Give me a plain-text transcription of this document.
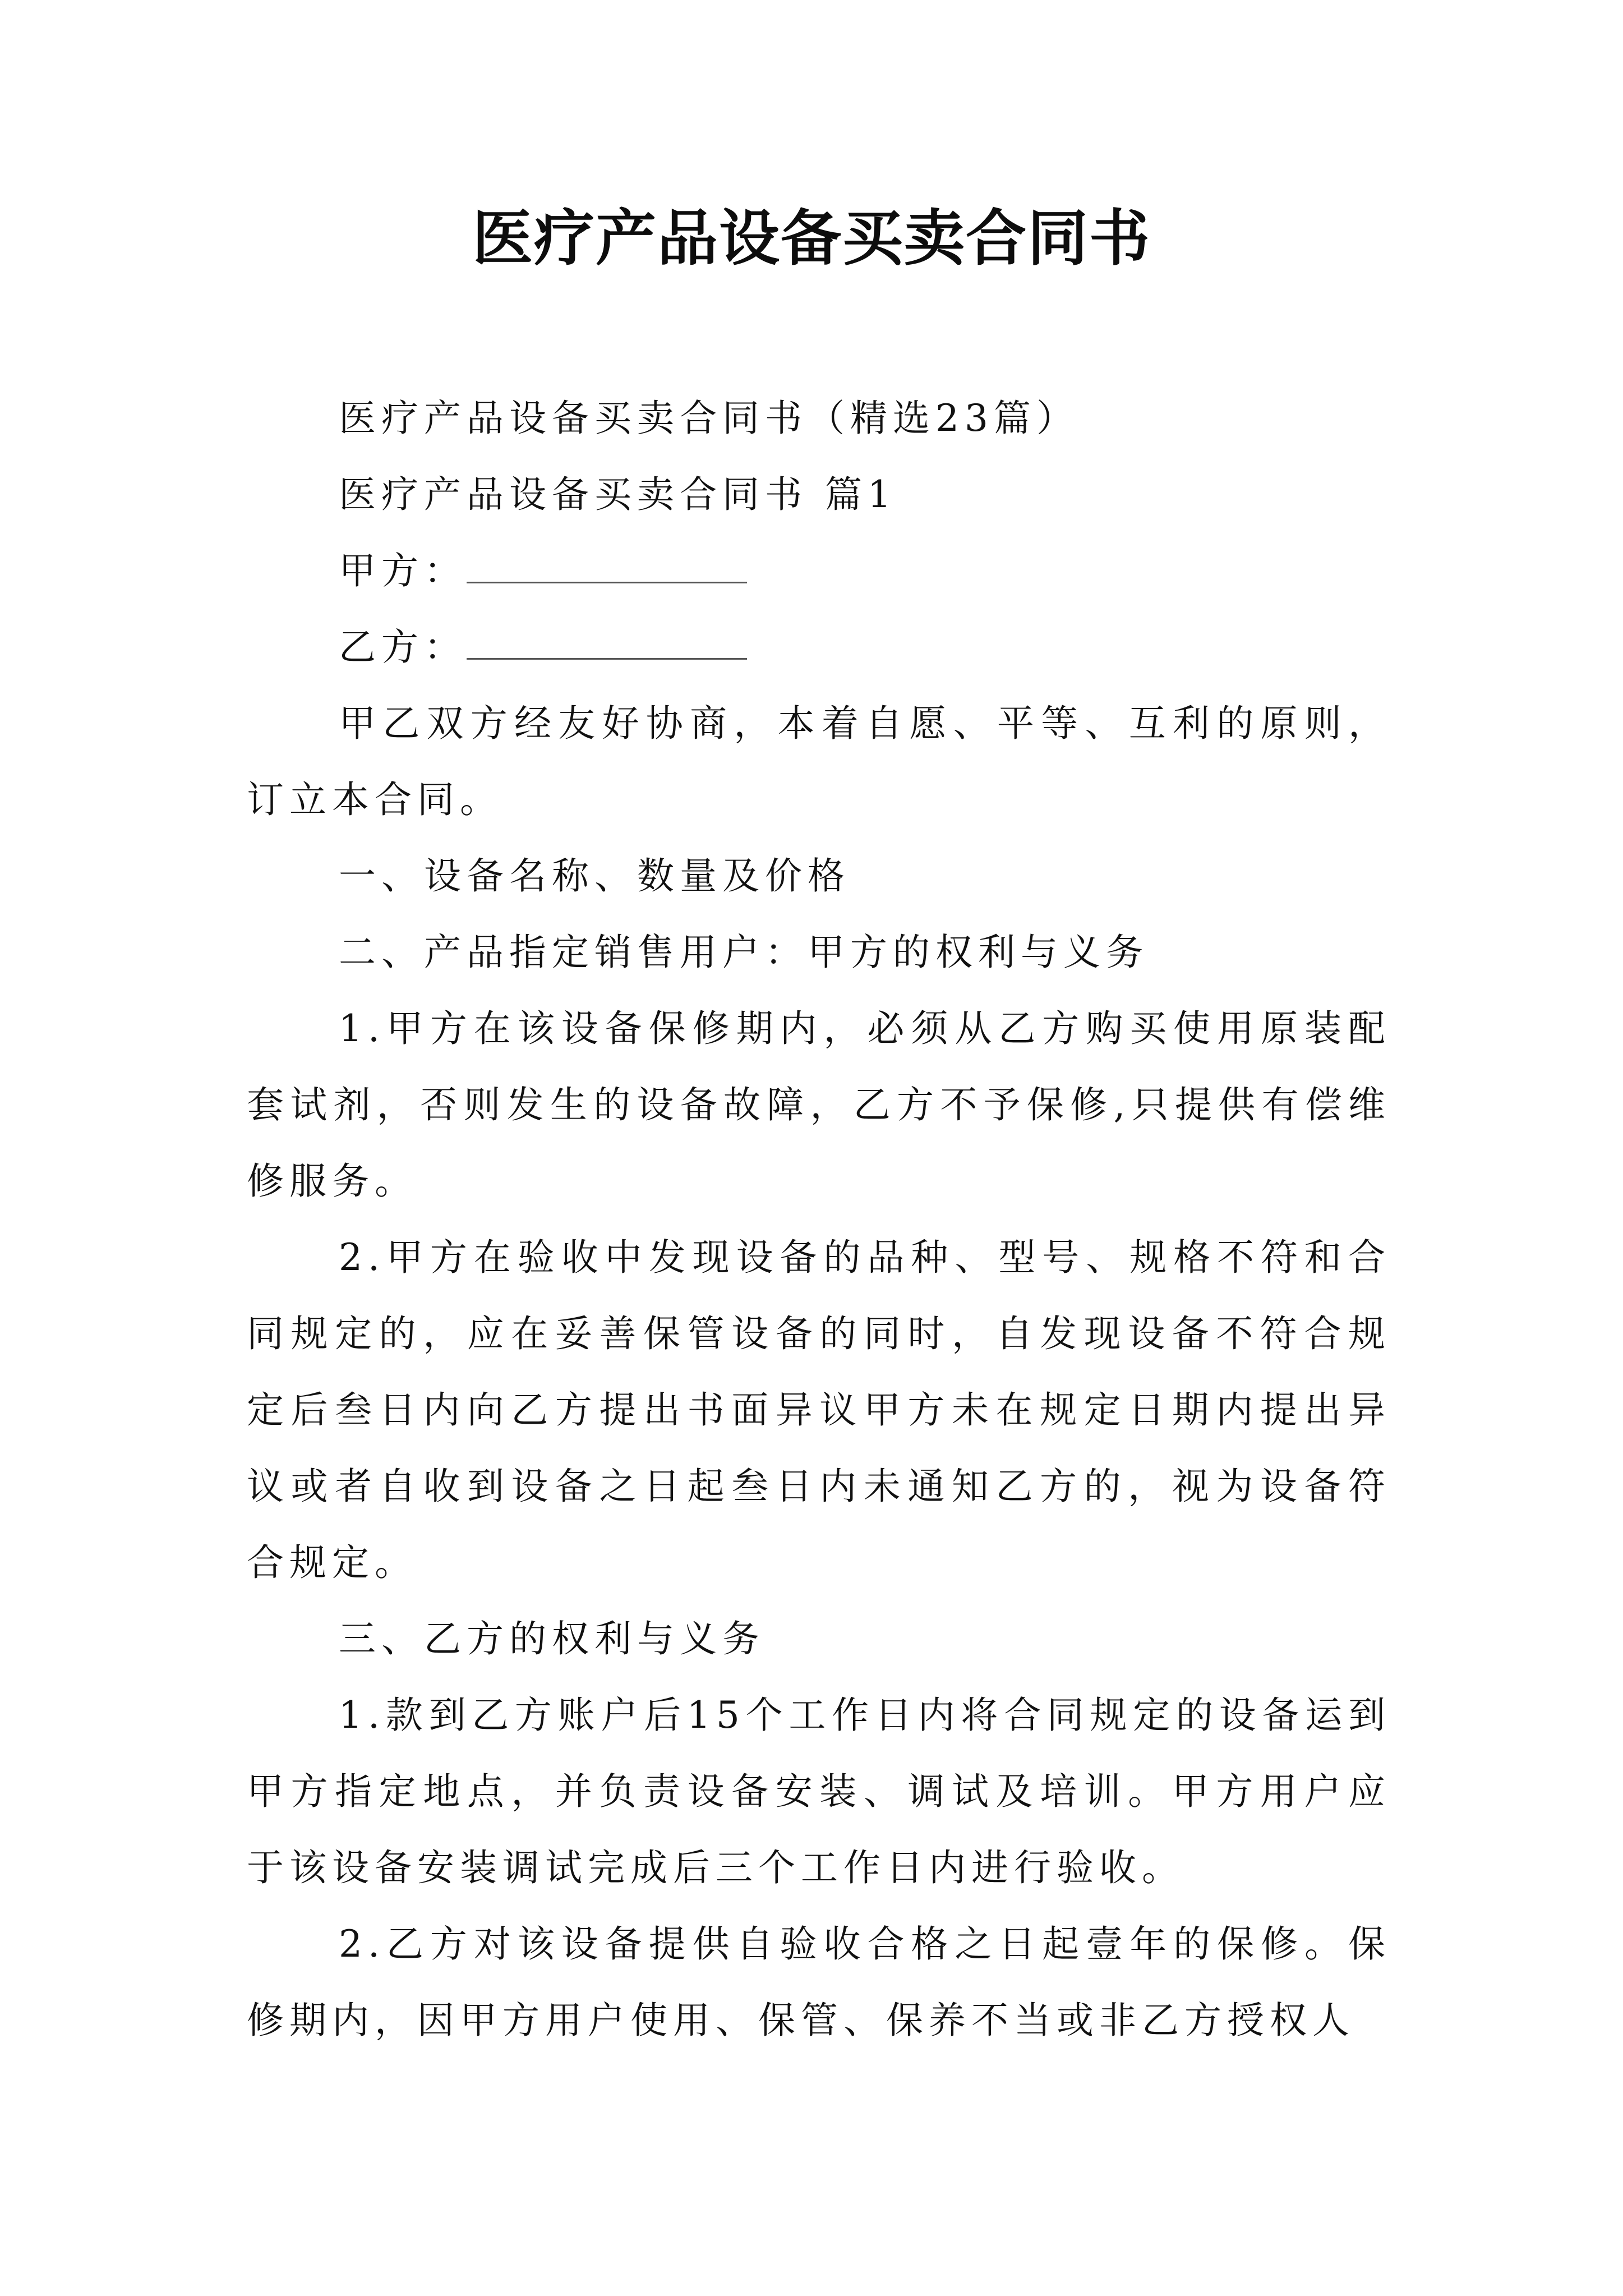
医疗产品设备买卖合同书

医疗产品设备买卖合同书（精选23篇）

医疗产品设备买卖合同书 篇1

甲方：

乙方：

甲乙双方经友好协商，本着自愿、平等、互利的原则，订立本合同。

一、设备名称、数量及价格

二、产品指定销售用户：甲方的权利与义务

1.甲方在该设备保修期内，必须从乙方购买使用原装配套试剂，否则发生的设备故障，乙方不予保修,只提供有偿维修服务。

2.甲方在验收中发现设备的品种、型号、规格不符和合同规定的，应在妥善保管设备的同时，自发现设备不符合规定后叁日内向乙方提出书面异议甲方未在规定日期内提出异议或者自收到设备之日起叁日内未通知乙方的，视为设备符合规定。

三、乙方的权利与义务

1.款到乙方账户后15个工作日内将合同规定的设备运到甲方指定地点，并负责设备安装、调试及培训。甲方用户应于该设备安装调试完成后三个工作日内进行验收。

2.乙方对该设备提供自验收合格之日起壹年的保修。保修期内，因甲方用户使用、保管、保养不当或非乙方授权人
